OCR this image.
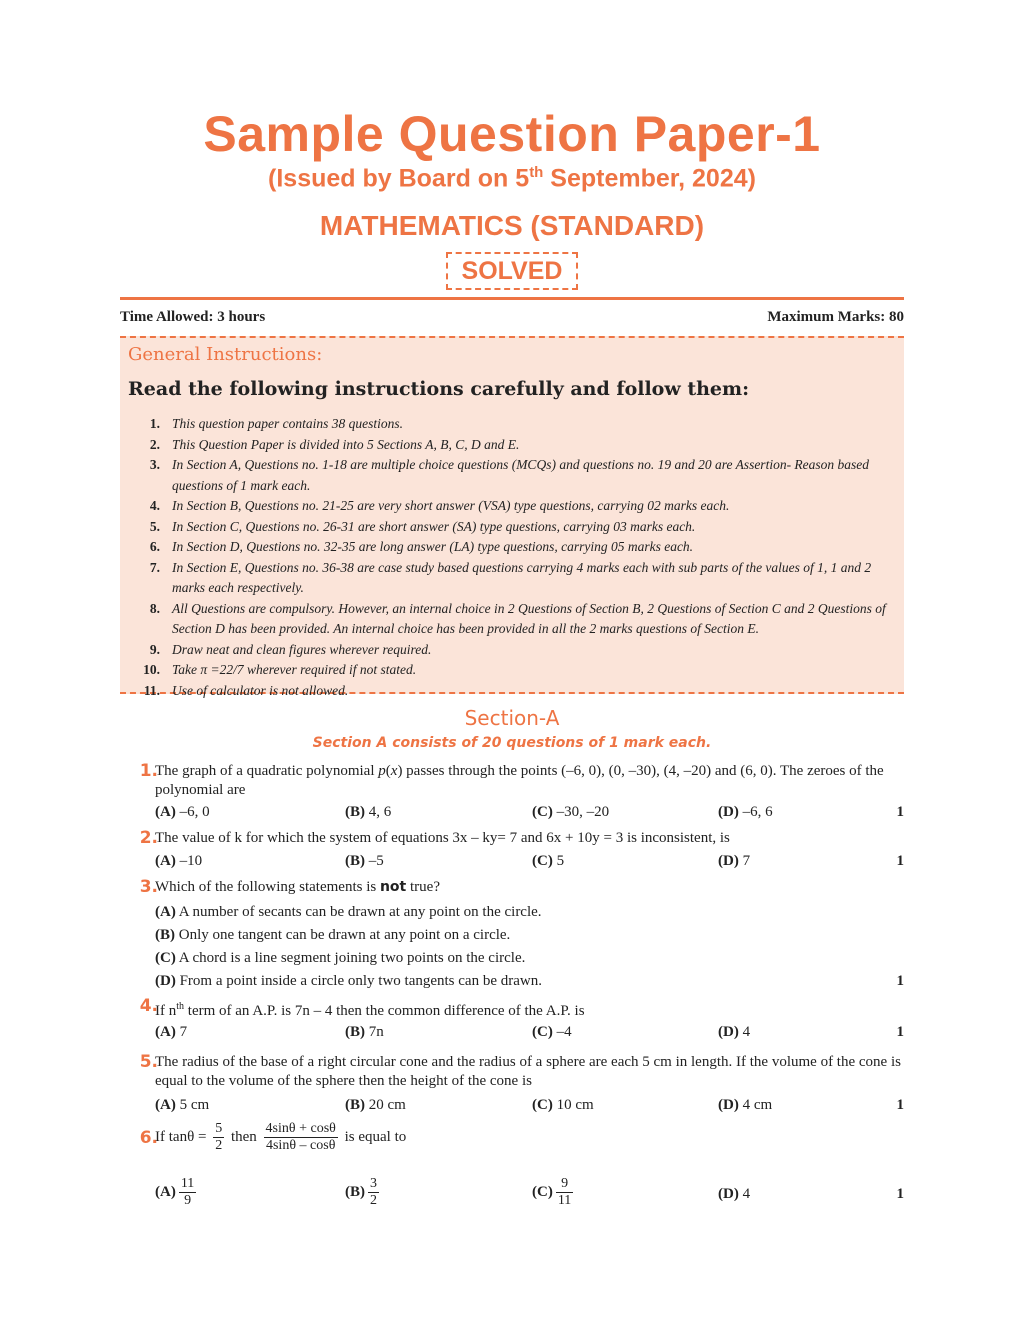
Sample Question Paper-1
(Issued by Board on 5th September, 2024)
MATHEMATICS (STANDARD)
SOLVED
Time Allowed: 3 hours	Maximum Marks: 80
General Instructions:
Read the following instructions carefully and follow them:
1. This question paper contains 38 questions.
2. This Question Paper is divided into 5 Sections A, B, C, D and E.
3. In Section A, Questions no. 1-18 are multiple choice questions (MCQs) and questions no. 19 and 20 are Assertion- Reason based questions of 1 mark each.
4. In Section B, Questions no. 21-25 are very short answer (VSA) type questions, carrying 02 marks each.
5. In Section C, Questions no. 26-31 are short answer (SA) type questions, carrying 03 marks each.
6. In Section D, Questions no. 32-35 are long answer (LA) type questions, carrying 05 marks each.
7. In Section E, Questions no. 36-38 are case study based questions carrying 4 marks each with sub parts of the values of 1, 1 and 2 marks each respectively.
8. All Questions are compulsory. However, an internal choice in 2 Questions of Section B, 2 Questions of Section C and 2 Questions of Section D has been provided. An internal choice has been provided in all the 2 marks questions of Section E.
9. Draw neat and clean figures wherever required.
10. Take π =22/7 wherever required if not stated.
11. Use of calculator is not allowed.
Section-A
Section A consists of 20 questions of 1 mark each.
1.
The graph of a quadratic polynomial p(x) passes through the points (–6, 0), (0, –30), (4, –20) and (6, 0). The zeroes of the polynomial are
(A) –6, 0	(B) 4, 6	(C) –30, –20	(D) –6, 6	1
2.
The value of k for which the system of equations 3x – ky= 7 and 6x + 10y = 3 is inconsistent, is
(A) –10	(B) –5	(C) 5	(D) 7	1
3.
Which of the following statements is not true?
(A) A number of secants can be drawn at any point on the circle.
(B) Only one tangent can be drawn at any point on a circle.
(C) A chord is a line segment joining two points on the circle.
(D) From a point inside a circle only two tangents can be drawn.	1
4.
If $n^{th}$ term of an A.P. is 7n – 4 then the common difference of the A.P. is
(A) 7	(B) 7n	(C) –4	(D) 4	1
5.
The radius of the base of a right circular cone and the radius of a sphere are each 5 cm in length. If the volume of the cone is equal to the volume of the sphere then the height of the cone is
(A) 5 cm	(B) 20 cm	(C) 10 cm	(D) 4 cm	1
6.
If $\tan\theta = \frac{5}{2}$ then $\frac{4\sin\theta + \cos\theta}{4\sin\theta - \cos\theta}$ is equal to
$(A) \frac{11}{9}$	$(B) \frac{3}{2}$	$(C) \frac{9}{11}$	(D) 4	1
